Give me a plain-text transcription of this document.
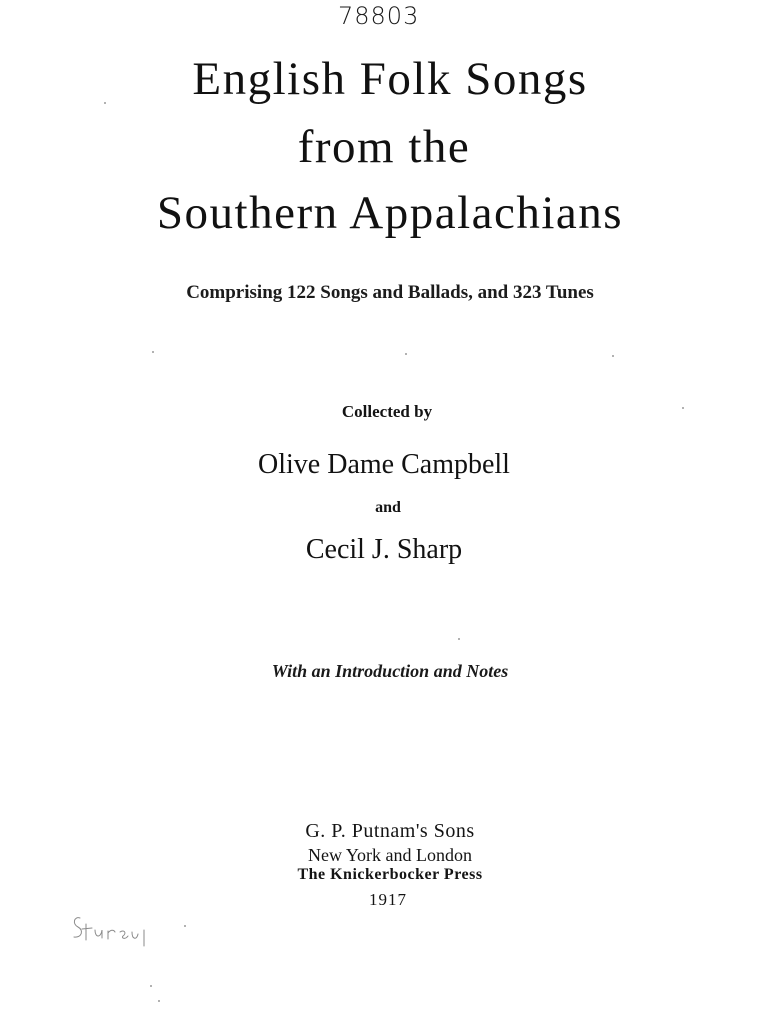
78803
English Folk Songs
from the
Southern Appalachians

Comprising 122 Songs and Ballads, and 323 Tunes

Collected by

Olive Dame Campbell

and

Cecil J. Sharp

With an Introduction and Notes

G. P. Putnam's Sons

New York and London

The Knickerbocker Press

1917
